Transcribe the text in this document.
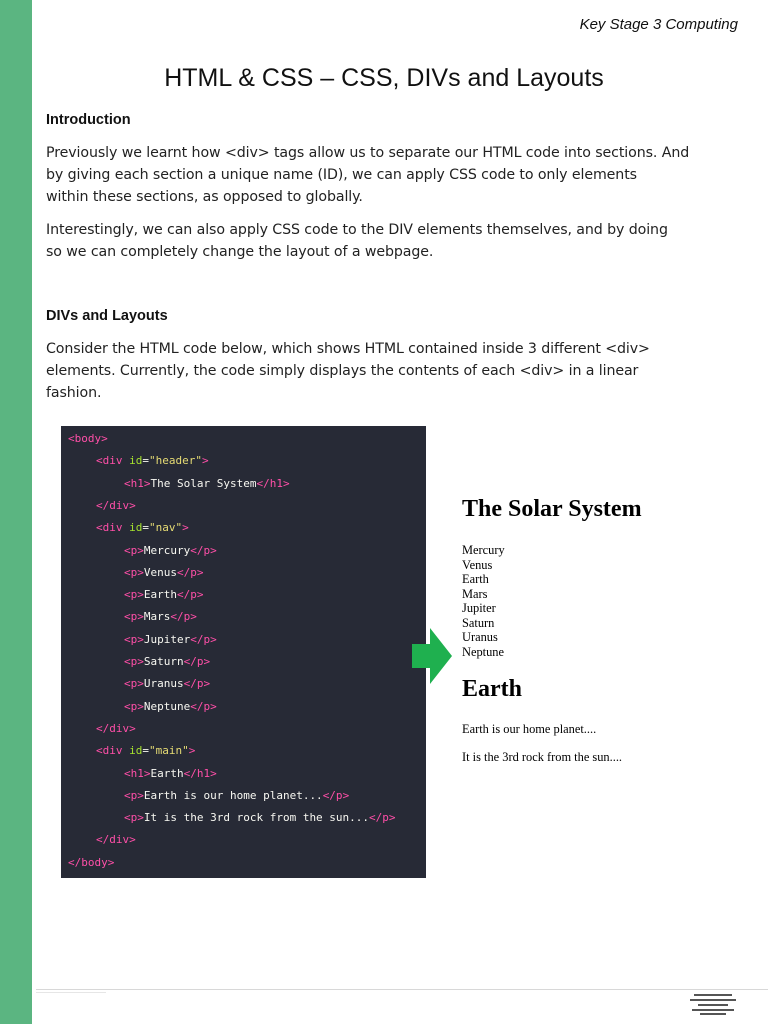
Key Stage 3 Computing
HTML & CSS – CSS, DIVs and Layouts
Introduction

Previously we learnt how <div> tags allow us to separate our HTML code into sections. And

by giving each section a unique name (ID), we can apply CSS code to only elements

within these sections, as opposed to globally.

Interestingly, we can also apply CSS code to the DIV elements themselves, and by doing

so we can completely change the layout of a webpage.

DIVs and Layouts

Consider the HTML code below, which shows HTML contained inside 3 different <div>

elements. Currently, the code simply displays the contents of each <div> in a linear

fashion.

<body>
<div id="header">
<h1>The Solar System</h1>
</div>
<div id="nav">
<p>Mercury</p>
<p>Venus</p>
<p>Earth</p>
<p>Mars</p>
<p>Jupiter</p>
<p>Saturn</p>
<p>Uranus</p>
<p>Neptune</p>
</div>
<div id="main">
<h1>Earth</h1>
<p>Earth is our home planet...</p>
<p>It is the 3rd rock from the sun...</p>
</div>
</body>
The Solar System
Mercury
Venus
Earth
Mars
Jupiter
Saturn
Uranus
Neptune
Earth
Earth is our home planet....
It is the 3rd rock from the sun....
